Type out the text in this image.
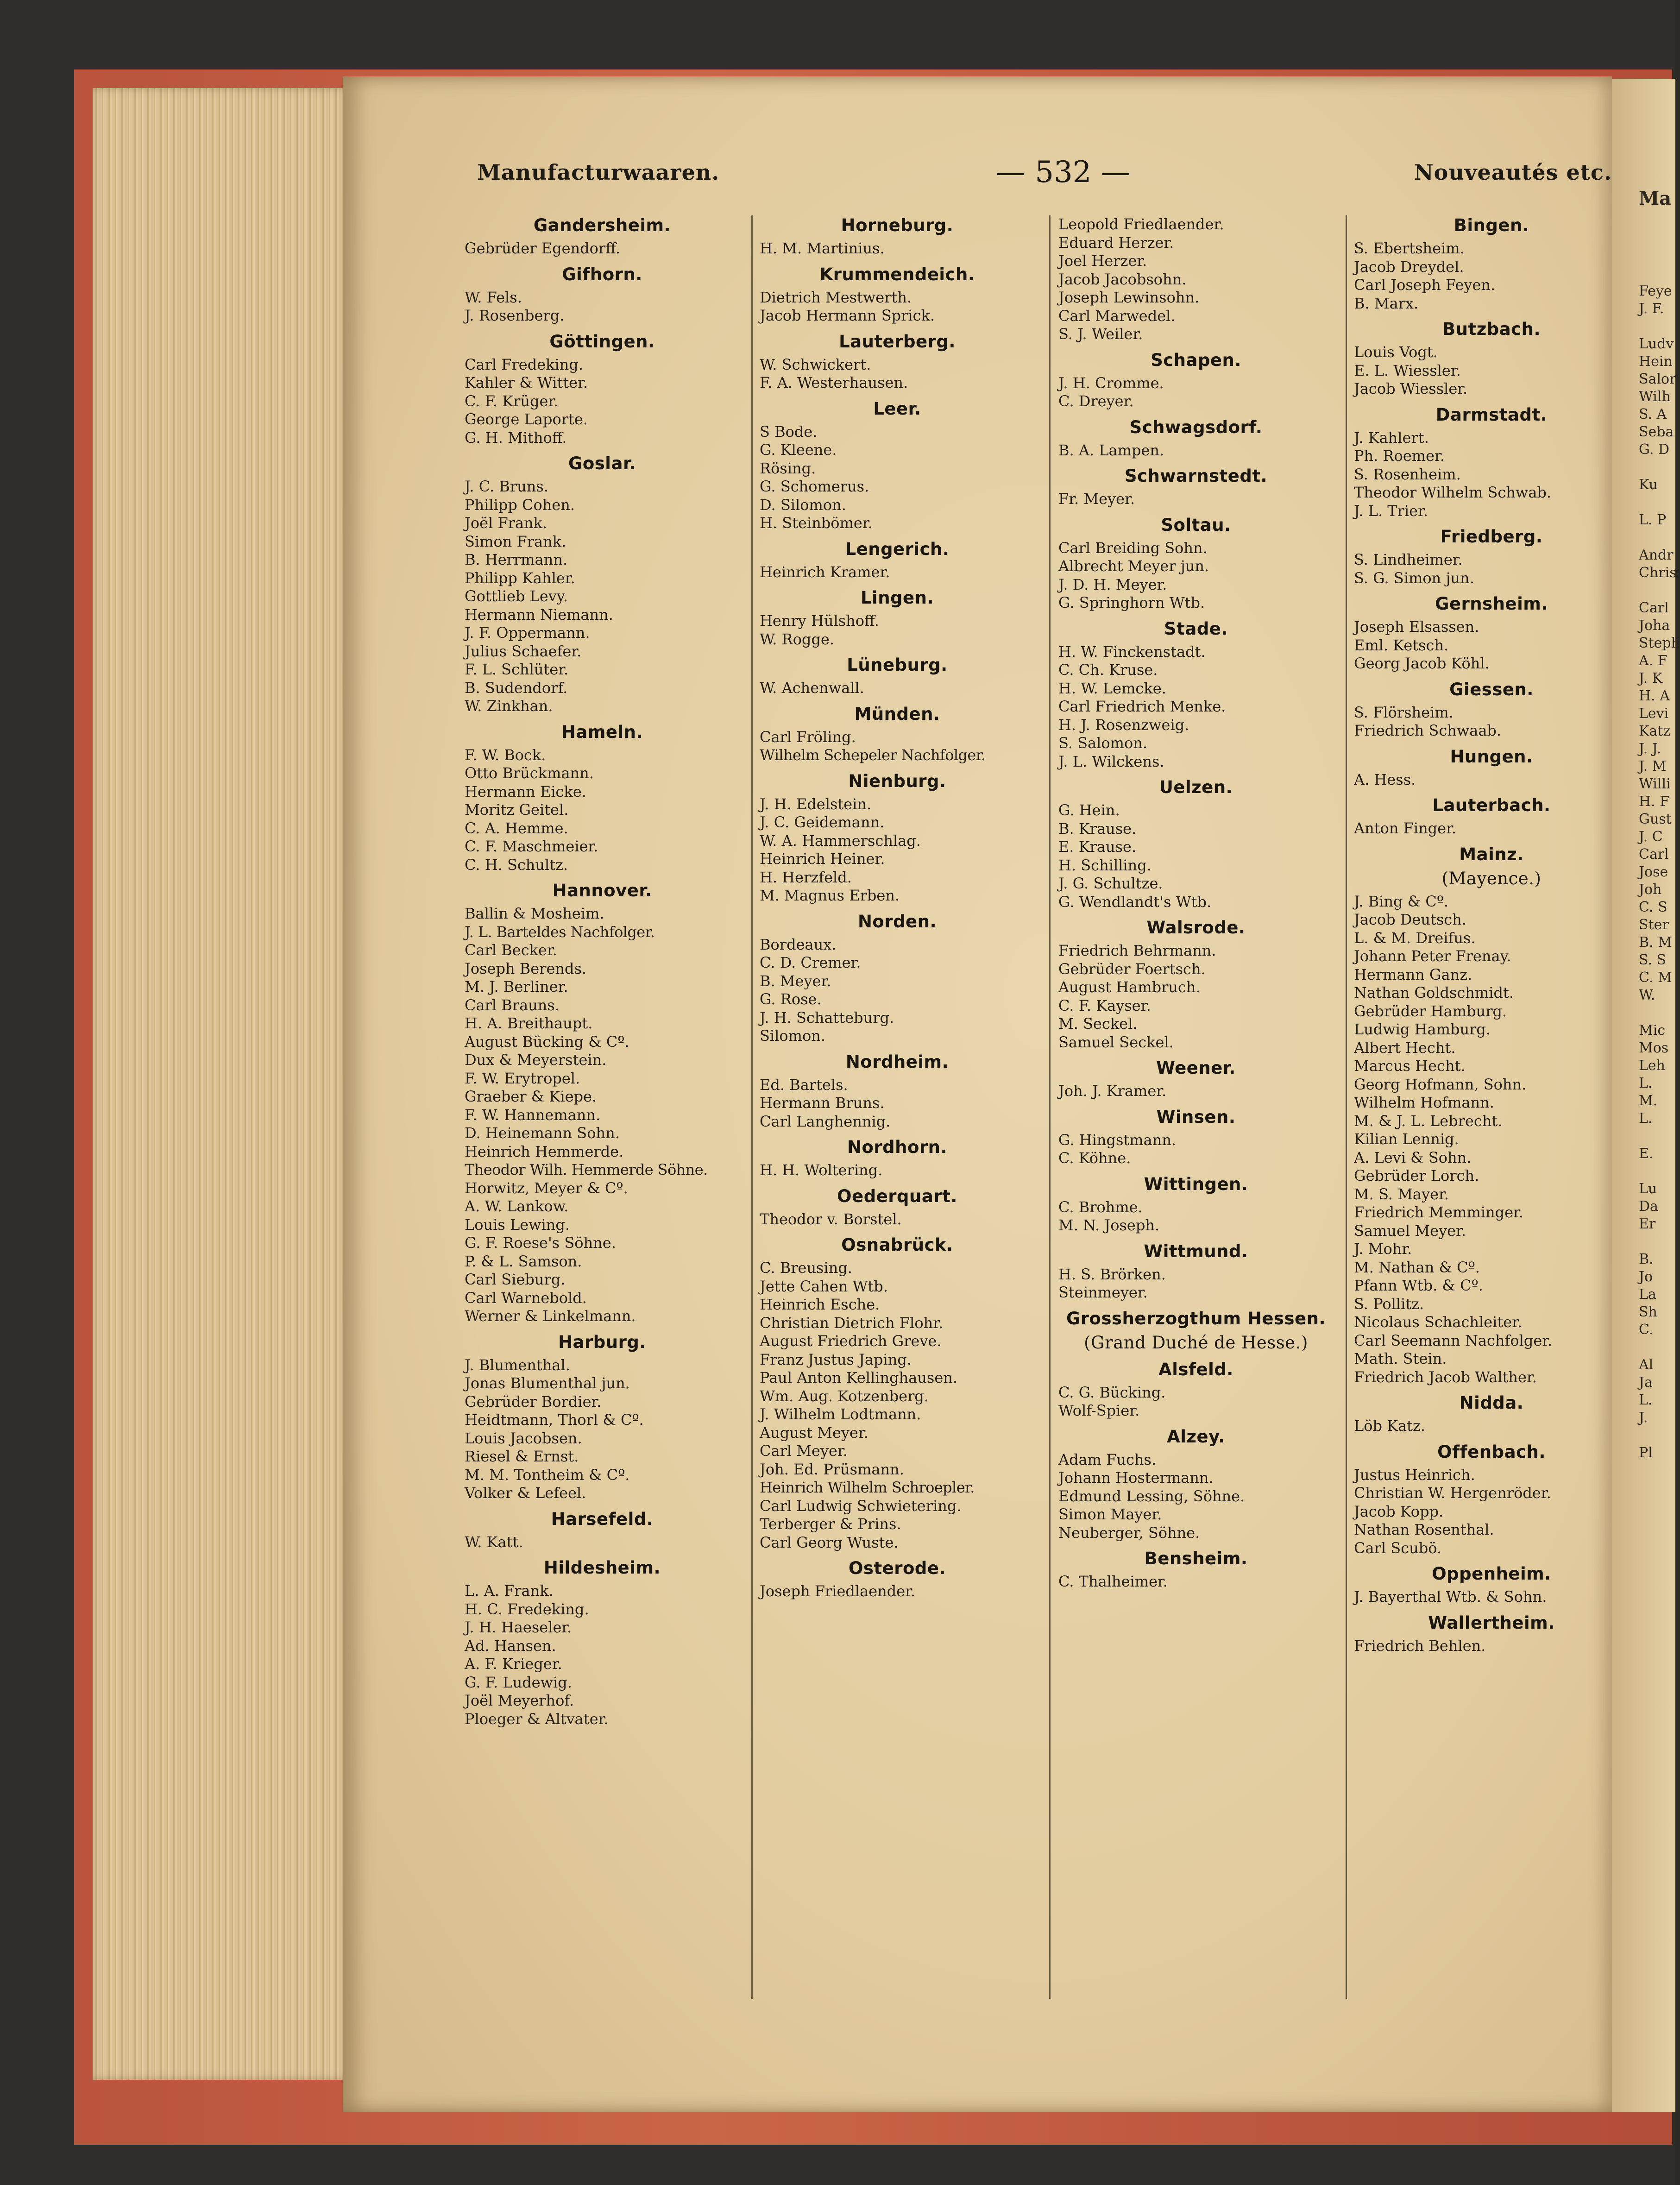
Manufacturwaaren.	— 532 —	Nouveautés etc.
Gandersheim.
Gebrüder Egendorff.
Gifhorn.
W. Fels.
J. Rosenberg.
Göttingen.
Carl Fredeking.
Kahler & Witter.
C. F. Krüger.
George Laporte.
G. H. Mithoff.
Goslar.
J. C. Bruns.
Philipp Cohen.
Joël Frank.
Simon Frank.
B. Herrmann.
Philipp Kahler.
Gottlieb Levy.
Hermann Niemann.
J. F. Oppermann.
Julius Schaefer.
F. L. Schlüter.
B. Sudendorf.
W. Zinkhan.
Hameln.
F. W. Bock.
Otto Brückmann.
Hermann Eicke.
Moritz Geitel.
C. A. Hemme.
C. F. Maschmeier.
C. H. Schultz.
Hannover.
Ballin & Mosheim.
J. L. Barteldes Nachfolger.
Carl Becker.
Joseph Berends.
M. J. Berliner.
Carl Brauns.
H. A. Breithaupt.
August Bücking & Cº.
Dux & Meyerstein.
F. W. Erytropel.
Graeber & Kiepe.
F. W. Hannemann.
D. Heinemann Sohn.
Heinrich Hemmerde.
Theodor Wilh. Hemmerde Söhne.
Horwitz, Meyer & Cº.
A. W. Lankow.
Louis Lewing.
G. F. Roese's Söhne.
P. & L. Samson.
Carl Sieburg.
Carl Warnebold.
Werner & Linkelmann.
Harburg.
J. Blumenthal.
Jonas Blumenthal jun.
Gebrüder Bordier.
Heidtmann, Thorl & Cº.
Louis Jacobsen.
Riesel & Ernst.
M. M. Tontheim & Cº.
Volker & Lefeel.
Harsefeld.
W. Katt.
Hildesheim.
L. A. Frank.
H. C. Fredeking.
J. H. Haeseler.
Ad. Hansen.
A. F. Krieger.
G. F. Ludewig.
Joël Meyerhof.
Ploeger & Altvater.
Horneburg.
H. M. Martinius.
Krummendeich.
Dietrich Mestwerth.
Jacob Hermann Sprick.
Lauterberg.
W. Schwickert.
F. A. Westerhausen.
Leer.
S Bode.
G. Kleene.
Rösing.
G. Schomerus.
D. Silomon.
H. Steinbömer.
Lengerich.
Heinrich Kramer.
Lingen.
Henry Hülshoff.
W. Rogge.
Lüneburg.
W. Achenwall.
Münden.
Carl Fröling.
Wilhelm Schepeler Nachfolger.
Nienburg.
J. H. Edelstein.
J. C. Geidemann.
W. A. Hammerschlag.
Heinrich Heiner.
H. Herzfeld.
M. Magnus Erben.
Norden.
Bordeaux.
C. D. Cremer.
B. Meyer.
G. Rose.
J. H. Schatteburg.
Silomon.
Nordheim.
Ed. Bartels.
Hermann Bruns.
Carl Langhennig.
Nordhorn.
H. H. Woltering.
Oederquart.
Theodor v. Borstel.
Osnabrück.
C. Breusing.
Jette Cahen Wtb.
Heinrich Esche.
Christian Dietrich Flohr.
August Friedrich Greve.
Franz Justus Japing.
Paul Anton Kellinghausen.
Wm. Aug. Kotzenberg.
J. Wilhelm Lodtmann.
August Meyer.
Carl Meyer.
Joh. Ed. Prüsmann.
Heinrich Wilhelm Schroepler.
Carl Ludwig Schwietering.
Terberger & Prins.
Carl Georg Wuste.
Osterode.
Joseph Friedlaender.
Leopold Friedlaender.
Eduard Herzer.
Joel Herzer.
Jacob Jacobsohn.
Joseph Lewinsohn.
Carl Marwedel.
S. J. Weiler.
Schapen.
J. H. Cromme.
C. Dreyer.
Schwagsdorf.
B. A. Lampen.
Schwarnstedt.
Fr. Meyer.
Soltau.
Carl Breiding Sohn.
Albrecht Meyer jun.
J. D. H. Meyer.
G. Springhorn Wtb.
Stade.
H. W. Finckenstadt.
C. Ch. Kruse.
H. W. Lemcke.
Carl Friedrich Menke.
H. J. Rosenzweig.
S. Salomon.
J. L. Wilckens.
Uelzen.
G. Hein.
B. Krause.
E. Krause.
H. Schilling.
J. G. Schultze.
G. Wendlandt's Wtb.
Walsrode.
Friedrich Behrmann.
Gebrüder Foertsch.
August Hambruch.
C. F. Kayser.
M. Seckel.
Samuel Seckel.
Weener.
Joh. J. Kramer.
Winsen.
G. Hingstmann.
C. Köhne.
Wittingen.
C. Brohme.
M. N. Joseph.
Wittmund.
H. S. Brörken.
Steinmeyer.
Grossherzogthum Hessen.
(Grand Duché de Hesse.)
Alsfeld.
C. G. Bücking.
Wolf-Spier.
Alzey.
Adam Fuchs.
Johann Hostermann.
Edmund Lessing, Söhne.
Simon Mayer.
Neuberger, Söhne.
Bensheim.
C. Thalheimer.
Bingen.
S. Ebertsheim.
Jacob Dreydel.
Carl Joseph Feyen.
B. Marx.
Butzbach.
Louis Vogt.
E. L. Wiessler.
Jacob Wiessler.
Darmstadt.
J. Kahlert.
Ph. Roemer.
S. Rosenheim.
Theodor Wilhelm Schwab.
J. L. Trier.
Friedberg.
S. Lindheimer.
S. G. Simon jun.
Gernsheim.
Joseph Elsassen.
Eml. Ketsch.
Georg Jacob Köhl.
Giessen.
S. Flörsheim.
Friedrich Schwaab.
Hungen.
A. Hess.
Lauterbach.
Anton Finger.
Mainz.
(Mayence.)
J. Bing & Cº.
Jacob Deutsch.
L. & M. Dreifus.
Johann Peter Frenay.
Hermann Ganz.
Nathan Goldschmidt.
Gebrüder Hamburg.
Ludwig Hamburg.
Albert Hecht.
Marcus Hecht.
Georg Hofmann, Sohn.
Wilhelm Hofmann.
M. & J. L. Lebrecht.
Kilian Lennig.
A. Levi & Sohn.
Gebrüder Lorch.
M. S. Mayer.
Friedrich Memminger.
Samuel Meyer.
J. Mohr.
M. Nathan & Cº.
Pfann Wtb. & Cº.
S. Pollitz.
Nicolaus Schachleiter.
Carl Seemann Nachfolger.
Math. Stein.
Friedrich Jacob Walther.
Nidda.
Löb Katz.
Offenbach.
Justus Heinrich.
Christian W. Hergenröder.
Jacob Kopp.
Nathan Rosenthal.
Carl Scubö.
Oppenheim.
J. Bayerthal Wtb. & Sohn.
Wallertheim.
Friedrich Behlen.
Ma
Feye
J. F.
Ludv
Hein
Salor
Wilh
S. A
Seba
G. D
Ku
L. P
Andr
Chris
Carl
Joha
Steph
A. F
J. K
H. A
Levi
Katz
J. J.
J. M
Willi
H. F
Gust
J. C
Carl
Jose
Joh
C. S
Ster
B. M
S. S
C. M
W.
Mic
Mos
Leh
L.
M.
L.
E.
Lu
Da
Er
B.
Jo
La
Sh
C.
Al
Ja
L.
J.
Pl
